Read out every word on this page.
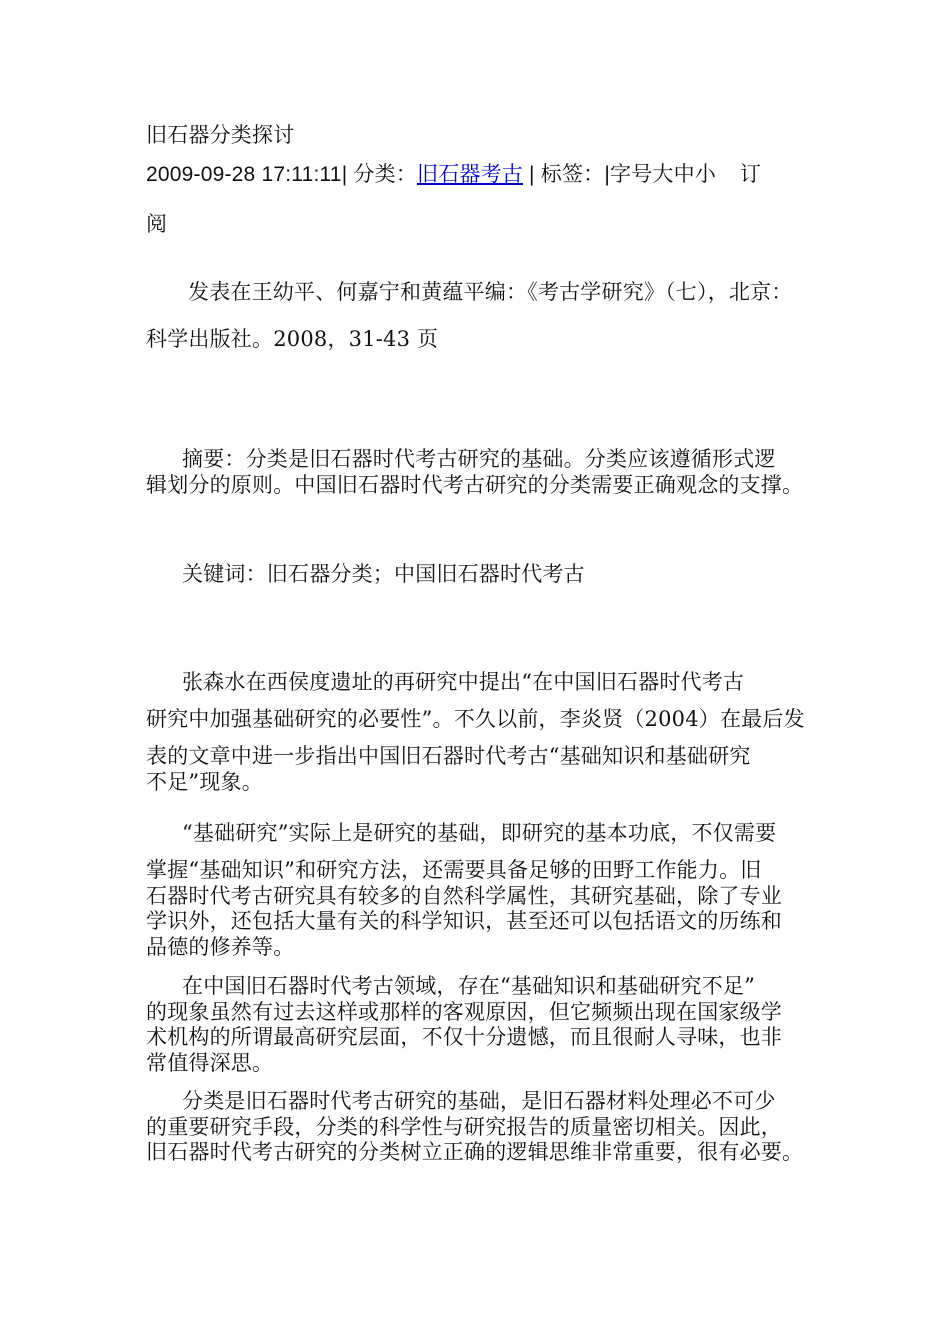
旧石器分类探讨
2009-09-28 17:11:11| 分类：旧石器考古 | 标签：|字号大中小 订
阅
发表在王幼平、何嘉宁和黄蕴平编：《考古学研究》（七），北京：
科学出版社。2008，31-43 页
摘要：分类是旧石器时代考古研究的基础。分类应该遵循形式逻
辑划分的原则。中国旧石器时代考古研究的分类需要正确观念的支撑。
关键词：旧石器分类；中国旧石器时代考古
张森水在西侯度遗址的再研究中提出“在中国旧石器时代考古
研究中加强基础研究的必要性”。不久以前，李炎贤（2004）在最后发
表的文章中进一步指出中国旧石器时代考古“基础知识和基础研究
不足”现象。
“基础研究”实际上是研究的基础，即研究的基本功底，不仅需要
掌握“基础知识”和研究方法，还需要具备足够的田野工作能力。旧
石器时代考古研究具有较多的自然科学属性，其研究基础，除了专业
学识外，还包括大量有关的科学知识，甚至还可以包括语文的历练和
品德的修养等。
在中国旧石器时代考古领域，存在“基础知识和基础研究不足”
的现象虽然有过去这样或那样的客观原因，但它频频出现在国家级学
术机构的所谓最高研究层面，不仅十分遗憾，而且很耐人寻味，也非
常值得深思。
分类是旧石器时代考古研究的基础，是旧石器材料处理必不可少
的重要研究手段，分类的科学性与研究报告的质量密切相关。因此，
旧石器时代考古研究的分类树立正确的逻辑思维非常重要，很有必要。
